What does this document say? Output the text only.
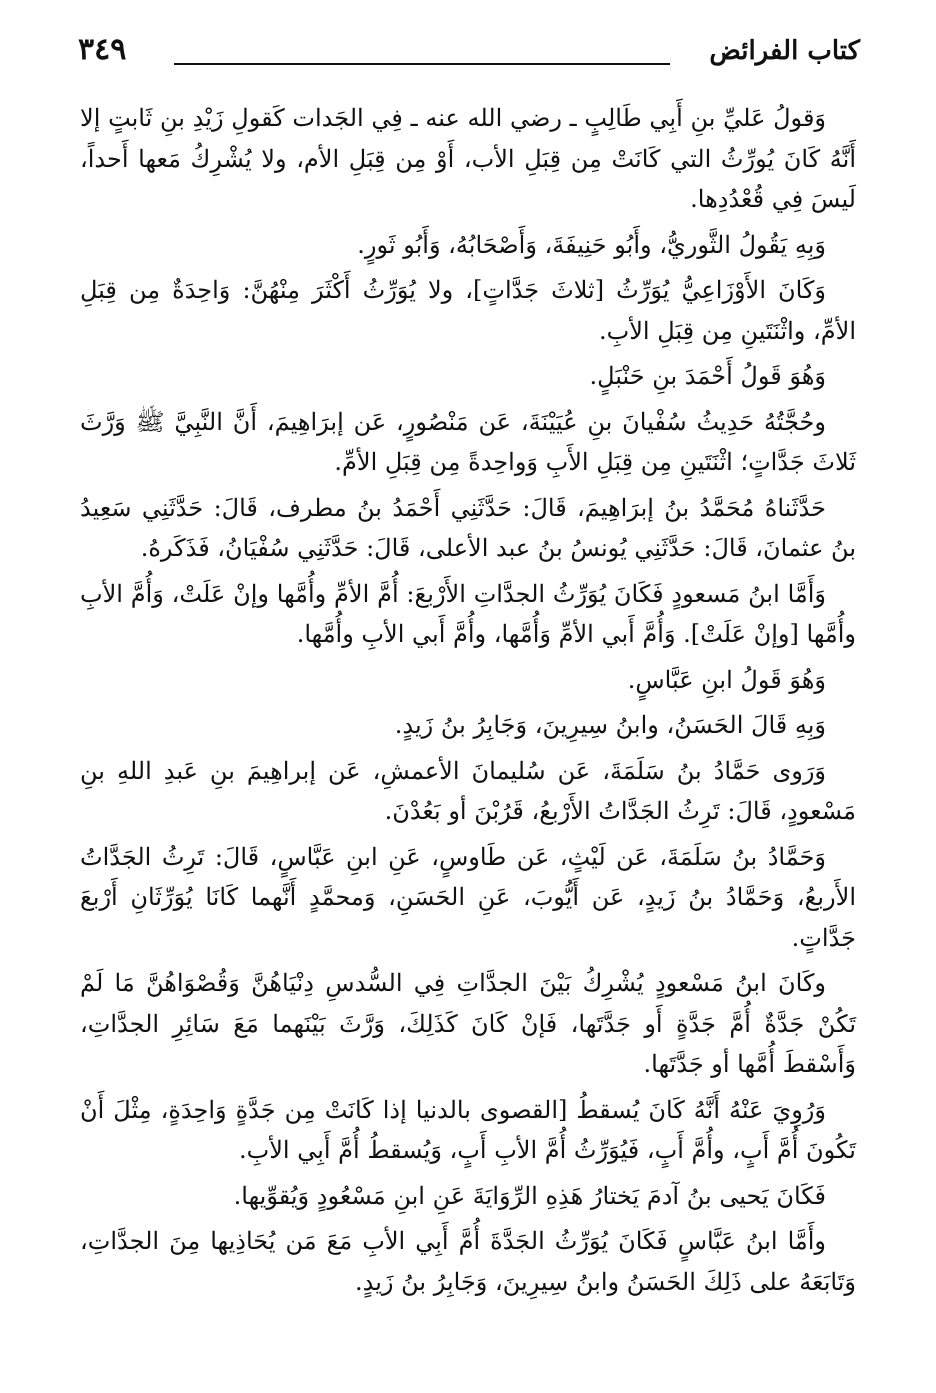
كتاب الفرائض
٣٤٩

وَقولُ عَليِّ بنِ أَبِي طَالِبٍ ـ رضي الله عنه ـ فِي الجَدات كَقولِ زَيْدِ بنِ ثَابتٍ إلا أَنَّهُ كَانَ يُورِّثُ التي كَانَتْ مِن قِبَلِ الأب، أَوْ مِن قِبَلِ الأم، ولا يُشْرِكُ مَعها أَحداً، لَيسَ فِي قُعْدُدِها.

وَبِهِ يَقُولُ الثَّوريُّ، وأَبُو حَنِيفَةَ، وَأَصْحَابُهُ، وَأَبُو ثَورٍ.

وَكَانَ الأَوْزَاعِيُّ يُوَرِّثُ [ثلاثَ جَدَّاتٍ]، ولا يُوَرِّثُ أَكْثَرَ مِنْهُنَّ: وَاحِدَةٌ مِن قِبَلِ الأمِّ، واثْنَتَينِ مِن قِبَلِ الأبِ.

وَهُوَ قَولُ أَحْمَدَ بنِ حَنْبَلٍ.

وحُجَّتُهُ حَدِيثُ سُفْيانَ بنِ عُيَيْنَةَ، عَن مَنْصُورٍ، عَن إبرَاهِيمَ، أَنَّ النَّبِيَّ ﷺ وَرَّثَ ثَلاثَ جَدَّاتٍ؛ اثْنَتَينِ مِن قِبَلِ الأَبِ وَواحِدةً مِن قِبَلِ الأمِّ.

حَدَّثَناهُ مُحَمَّدُ بنُ إبرَاهِيمَ، قَالَ: حَدَّثَنِي أَحْمَدُ بنُ مطرف، قَالَ: حَدَّثَنِي سَعِيدُ بنُ عثمانَ، قَالَ: حَدَّثَنِي يُونسُ بنُ عبد الأعلى، قَالَ: حَدَّثَنِي سُفْيَانُ، فَذَكَرهُ.

وَأَمَّا ابنُ مَسعودٍ فَكَانَ يُوَرِّثُ الجدَّاتِ الأَرْبعَ: أُمَّ الأمِّ وأُمَّها وإنْ عَلَتْ، وَأُمَّ الأبِ وأُمَّها [وإنْ عَلَتْ]. وَأُمَّ أَبي الأمِّ وَأُمَّها، وأُمَّ أَبي الأبِ وأُمَّها.

وَهُوَ قَولُ ابنِ عَبَّاسٍ.

وَبِهِ قَالَ الحَسَنُ، وابنُ سِيرِينَ، وَجَابِرُ بنُ زَيدٍ.

وَرَوى حَمَّادُ بنُ سَلَمَةَ، عَن سُليمانَ الأعمشِ، عَن إبراهِيمَ بنِ عَبدِ اللهِ بنِ مَسْعودٍ، قَالَ: تَرِثُ الجَدَّاتُ الأَرْبعُ، قَرُبْنَ أو بَعُدْنَ.

وَحَمَّادُ بنُ سَلَمَةَ، عَن لَيْثٍ، عَن طَاوسٍ، عَنِ ابنِ عَبَّاسٍ، قَالَ: تَرِثُ الجَدَّاتُ الأَربعُ، وَحَمَّادُ بنُ زَيدٍ، عَن أَيُّوبَ، عَنِ الحَسَنِ، وَمحمَّدٍ أَنَّهما كَانَا يُوَرِّثَانِ أَرْبعَ جَدَّاتٍ.

وكَانَ ابنُ مَسْعودٍ يُشْرِكُ بَيْنَ الجدَّاتِ فِي السُّدسِ دِنْيَاهُنَّ وَقُصْوَاهُنَّ مَا لَمْ تَكُنْ جَدَّةٌ أُمَّ جَدَّةٍ أَو جَدَّتَها، فَإنْ كَانَ كَذَلِكَ، وَرَّثَ بَيْنَهما مَعَ سَائِرِ الجدَّاتِ، وَأَسْقطَ أُمَّها أو جَدَّتَها.

وَرُوِيَ عَنْهُ أَنَّهُ كَانَ يُسقطُ [القصوى بالدنيا إذا كَانَتْ مِن جَدَّةٍ وَاحِدَةٍ، مِثْلَ أَنْ تَكُونَ أُمَّ أَبٍ، وأُمَّ أَبٍ، فَيُوَرِّثُ أُمَّ الأبِ أَبٍ، وَيُسقطُ أُمَّ أَبِي الأبِ.

فَكَانَ يَحيى بنُ آدمَ يَختارُ هَذِهِ الرِّوَايَةَ عَنِ ابنِ مَسْعُودٍ وَيُقوِّيها.

وأَمَّا ابنُ عَبَّاسٍ فَكَانَ يُوَرِّثُ الجَدَّةَ أُمَّ أَبِي الأبِ مَعَ مَن يُحَاذِيها مِنَ الجدَّاتِ، وَتَابَعَهُ على ذَلِكَ الحَسَنُ وابنُ سِيرِينَ، وَجَابِرُ بنُ زَيدٍ.
